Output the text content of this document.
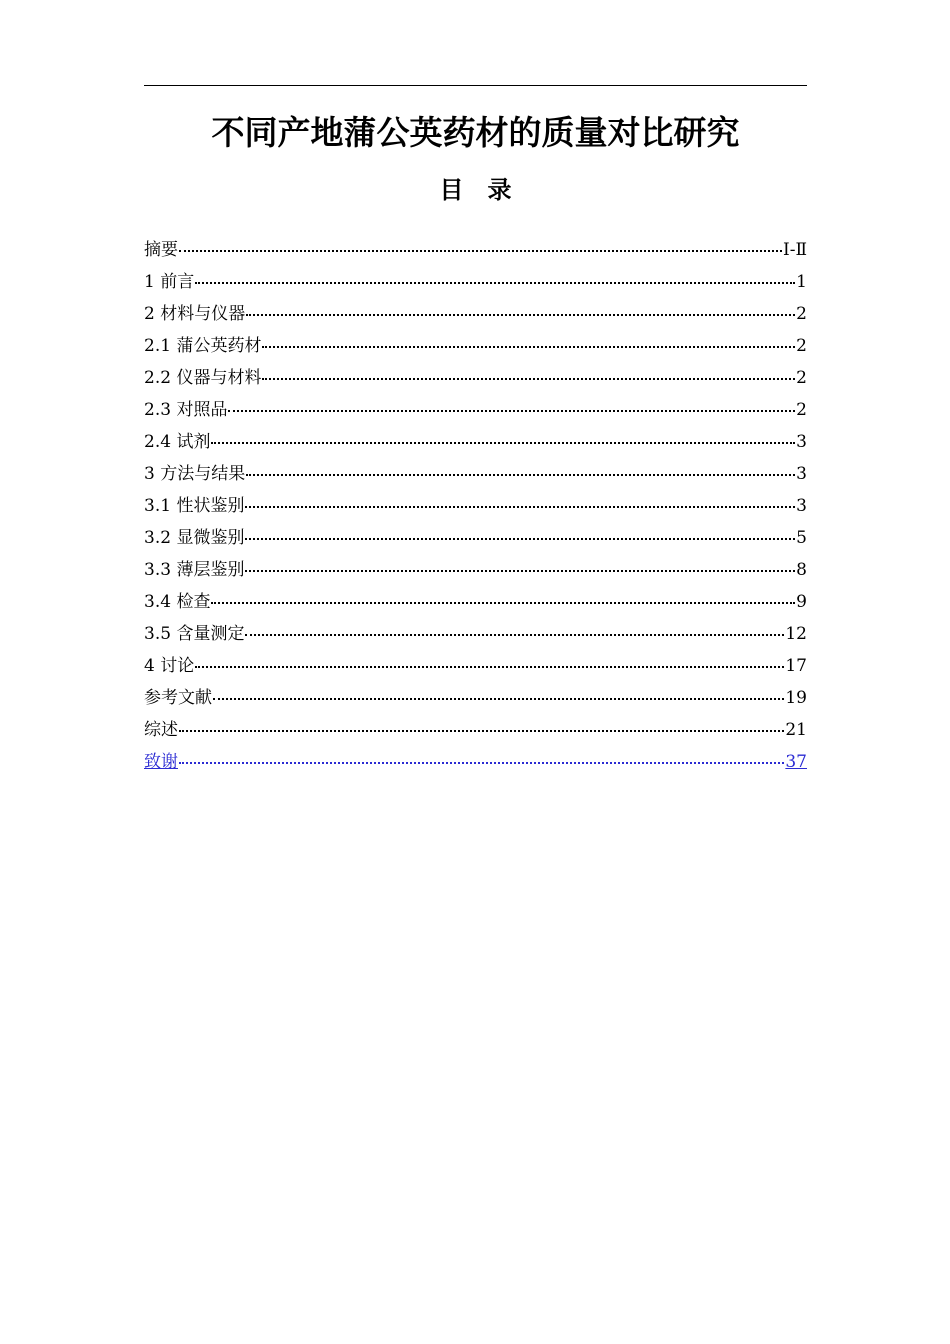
不同产地蒲公英药材的质量对比研究
目　录
摘要	I-Ⅱ
1 前言	1
2 材料与仪器	2
2.1 蒲公英药材	2
2.2 仪器与材料	2
2.3 对照品	2
2.4 试剂	3
3 方法与结果	3
3.1 性状鉴别	3
3.2 显微鉴别	5
3.3 薄层鉴别	8
3.4 检查	9
3.5 含量测定	12
4 讨论	17
参考文献	19
综述	21
致谢	37
